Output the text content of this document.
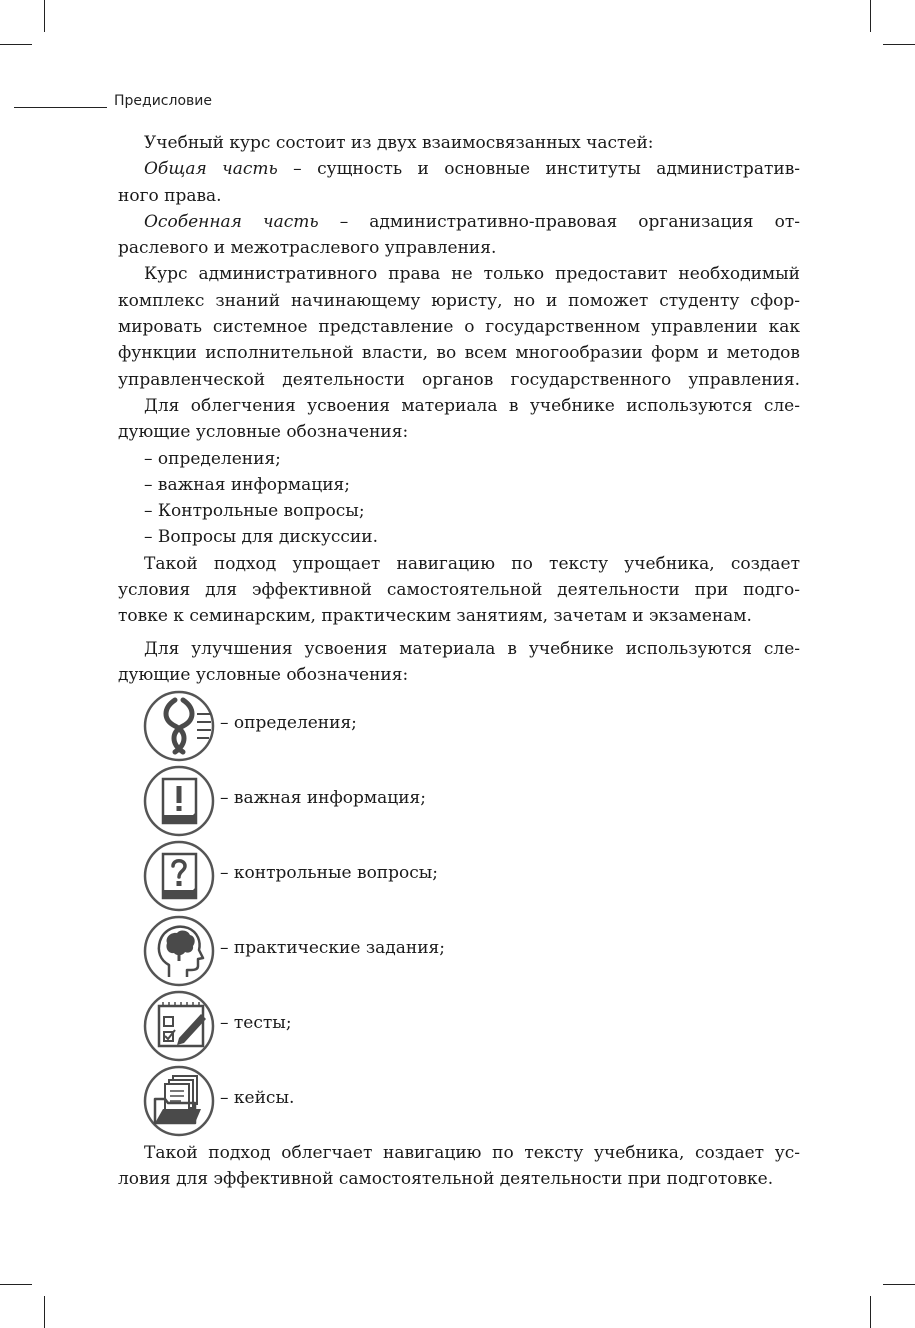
Предисловие

Учебный курс состоит из двух взаимосвязанных частей:

Общая часть – сущность и основные институты административ-

ного права.

Особенная часть – административно-правовая организация от-

раслевого и межотраслевого управления.

Курс административного права не только предоставит необходимый

комплекс знаний начинающему юристу, но и поможет студенту сфор-

мировать системное представление о государственном управлении как

функции исполнительной власти, во всем многообразии форм и методов

управленческой деятельности органов государственного управления.

Для облегчения усвоения материала в учебнике используются сле-

дующие условные обозначения:

– определения;

– важная информация;

– Контрольные вопросы;

– Вопросы для дискуссии.

Такой подход упрощает навигацию по тексту учебника, создает

условия для эффективной самостоятельной деятельности при подго-

товке к семинарским, практическим занятиям, зачетам и экзаменам.

Для улучшения усвоения материала в учебнике используются сле-

дующие условные обозначения:

– определения;
– важная информация;
– контрольные вопросы;
– практические задания;
– тесты;
– кейсы.

Такой подход облегчает навигацию по тексту учебника, создает ус-

ловия для эффективной самостоятельной деятельности при подготовке.
